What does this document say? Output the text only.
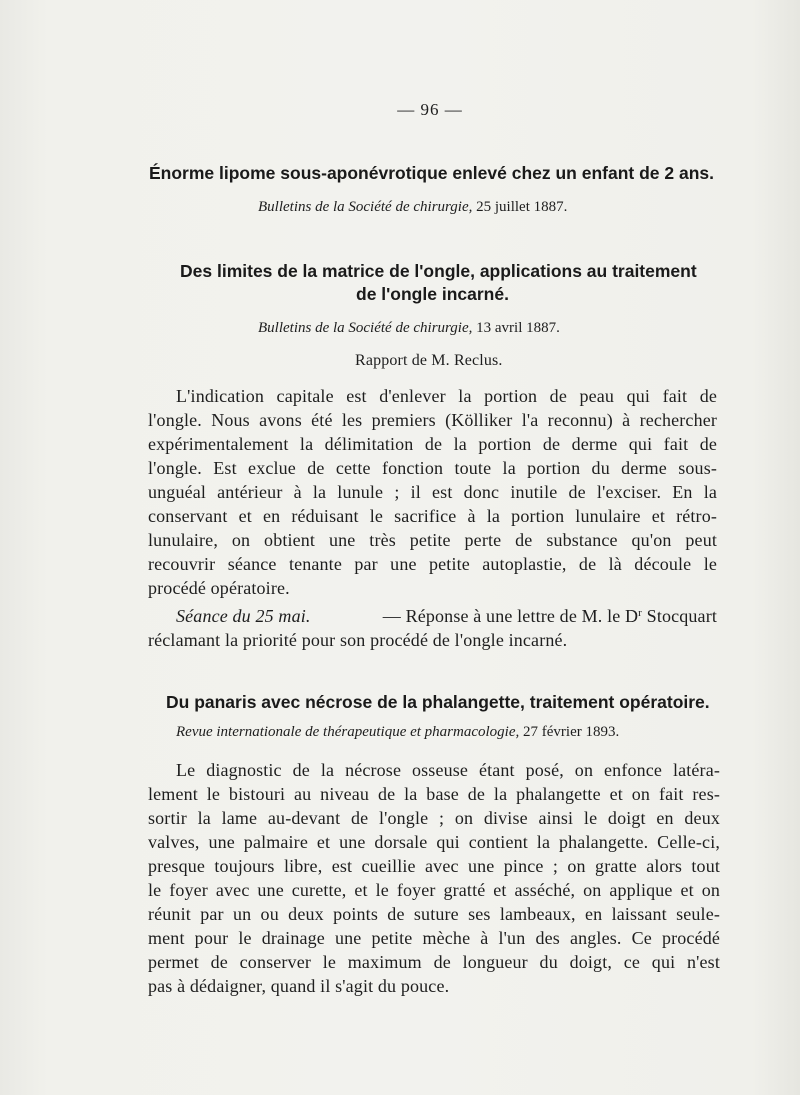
— 96 —
Énorme lipome sous-aponévrotique enlevé chez un enfant de 2 ans.
Bulletins de la Société de chirurgie, 25 juillet 1887.
Des limites de la matrice de l'ongle, applications au traitement
de l'ongle incarné.
Bulletins de la Société de chirurgie, 13 avril 1887.
Rapport de M. Reclus.
L'indication capitale est d'enlever la portion de peau qui fait de
l'ongle. Nous avons été les premiers (Kölliker l'a reconnu) à rechercher
expérimentalement la délimitation de la portion de derme qui fait de
l'ongle. Est exclue de cette fonction toute la portion du derme sous-
unguéal antérieur à la lunule ; il est donc inutile de l'exciser. En la
conservant et en réduisant le sacrifice à la portion lunulaire et rétro-
lunulaire, on obtient une très petite perte de substance qu'on peut
recouvrir séance tenante par une petite autoplastie, de là découle le
procédé opératoire.
Séance du 25 mai.	— Réponse à une lettre de M. le $D^r$ Stocquart
réclamant la priorité pour son procédé de l'ongle incarné.
Du panaris avec nécrose de la phalangette, traitement opératoire.
Revue internationale de thérapeutique et pharmacologie, 27 février 1893.
Le diagnostic de la nécrose osseuse étant posé, on enfonce latéra-
lement le bistouri au niveau de la base de la phalangette et on fait res-
sortir la lame au-devant de l'ongle ; on divise ainsi le doigt en deux
valves, une palmaire et une dorsale qui contient la phalangette. Celle-ci,
presque toujours libre, est cueillie avec une pince ; on gratte alors tout
le foyer avec une curette, et le foyer gratté et asséché, on applique et on
réunit par un ou deux points de suture ses lambeaux, en laissant seule-
ment pour le drainage une petite mèche à l'un des angles. Ce procédé
permet de conserver le maximum de longueur du doigt, ce qui n'est
pas à dédaigner, quand il s'agit du pouce.
